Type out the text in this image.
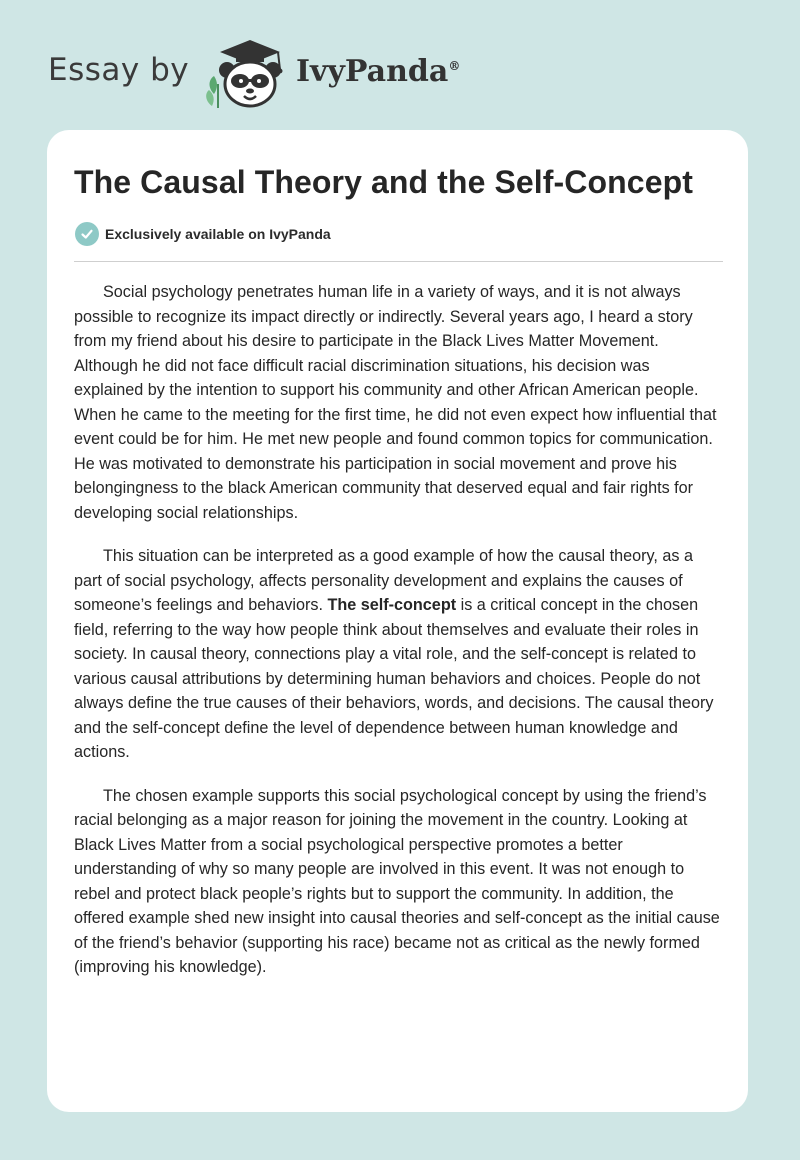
Essay by	IvyPanda®
The Causal Theory and the Self-Concept
Exclusively available on IvyPanda

Social psychology penetrates human life in a variety of ways, and it is not always possible to recognize its impact directly or indirectly. Several years ago, I heard a story from my friend about his desire to participate in the Black Lives Matter Movement. Although he did not face difficult racial discrimination situations, his decision was explained by the intention to support his community and other African American people. When he came to the meeting for the first time, he did not even expect how influential that event could be for him. He met new people and found common topics for communication. He was motivated to demonstrate his participation in social movement and prove his belongingness to the black American community that deserved equal and fair rights for developing social relationships.

This situation can be interpreted as a good example of how the causal theory, as a part of social psychology, affects personality development and explains the causes of someone’s feelings and behaviors. The self-concept is a critical concept in the chosen field, referring to the way how people think about themselves and evaluate their roles in society. In causal theory, connections play a vital role, and the self-concept is related to various causal attributions by determining human behaviors and choices. People do not always define the true causes of their behaviors, words, and decisions. The causal theory and the self-concept define the level of dependence between human knowledge and actions.

The chosen example supports this social psychological concept by using the friend’s racial belonging as a major reason for joining the movement in the country. Looking at Black Lives Matter from a social psychological perspective promotes a better understanding of why so many people are involved in this event. It was not enough to rebel and protect black people’s rights but to support the community. In addition, the offered example shed new insight into causal theories and self-concept as the initial cause of the friend’s behavior (supporting his race) became not as critical as the newly formed (improving his knowledge).
